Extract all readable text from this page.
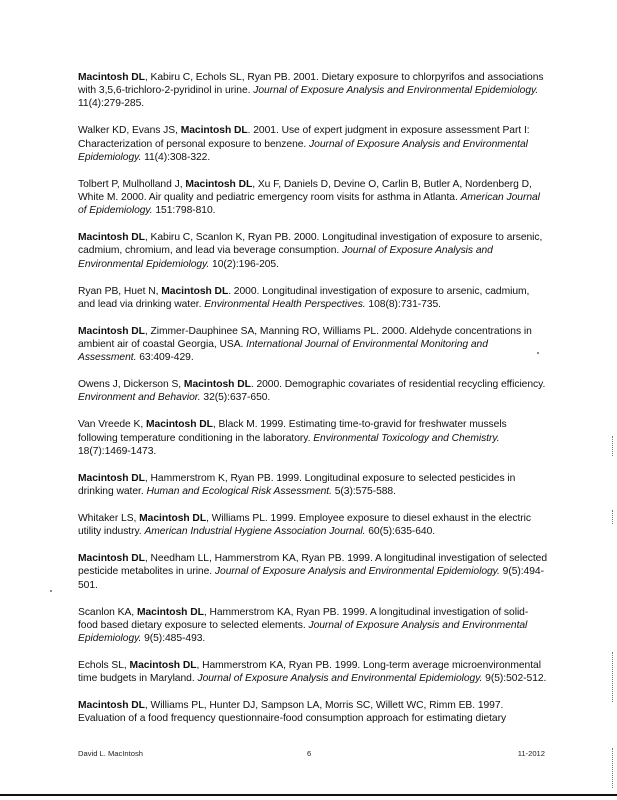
Macintosh DL, Kabiru C, Echols SL, Ryan PB. 2001. Dietary exposure to chlorpyrifos and associations with 3,5,6-trichloro-2-pyridinol in urine. Journal of Exposure Analysis and Environmental Epidemiology. 11(4):279-285.

Walker KD, Evans JS, Macintosh DL. 2001. Use of expert judgment in exposure assessment Part I: Characterization of personal exposure to benzene. Journal of Exposure Analysis and Environmental Epidemiology. 11(4):308-322.

Tolbert P, Mulholland J, Macintosh DL, Xu F, Daniels D, Devine O, Carlin B, Butler A, Nordenberg D, White M. 2000. Air quality and pediatric emergency room visits for asthma in Atlanta. American Journal of Epidemiology. 151:798-810.

Macintosh DL, Kabiru C, Scanlon K, Ryan PB. 2000. Longitudinal investigation of exposure to arsenic, cadmium, chromium, and lead via beverage consumption. Journal of Exposure Analysis and Environmental Epidemiology. 10(2):196-205.

Ryan PB, Huet N, Macintosh DL. 2000. Longitudinal investigation of exposure to arsenic, cadmium, and lead via drinking water. Environmental Health Perspectives. 108(8):731-735.

Macintosh DL, Zimmer-Dauphinee SA, Manning RO, Williams PL. 2000. Aldehyde concentrations in ambient air of coastal Georgia, USA. International Journal of Environmental Monitoring and Assessment. 63:409-429.

Owens J, Dickerson S, Macintosh DL. 2000. Demographic covariates of residential recycling efficiency. Environment and Behavior. 32(5):637-650.

Van Vreede K, Macintosh DL, Black M. 1999. Estimating time-to-gravid for freshwater mussels following temperature conditioning in the laboratory. Environmental Toxicology and Chemistry. 18(7):1469-1473.

Macintosh DL, Hammerstrom K, Ryan PB. 1999. Longitudinal exposure to selected pesticides in drinking water. Human and Ecological Risk Assessment. 5(3):575-588.

Whitaker LS, Macintosh DL, Williams PL. 1999. Employee exposure to diesel exhaust in the electric utility industry. American Industrial Hygiene Association Journal. 60(5):635-640.

Macintosh DL, Needham LL, Hammerstrom KA, Ryan PB. 1999. A longitudinal investigation of selected pesticide metabolites in urine. Journal of Exposure Analysis and Environmental Epidemiology. 9(5):494-501.

Scanlon KA, Macintosh DL, Hammerstrom KA, Ryan PB. 1999. A longitudinal investigation of solid-food based dietary exposure to selected elements. Journal of Exposure Analysis and Environmental Epidemiology. 9(5):485-493.

Echols SL, Macintosh DL, Hammerstrom KA, Ryan PB. 1999. Long-term average microenvironmental time budgets in Maryland. Journal of Exposure Analysis and Environmental Epidemiology. 9(5):502-512.

Macintosh DL, Williams PL, Hunter DJ, Sampson LA, Morris SC, Willett WC, Rimm EB. 1997. Evaluation of a food frequency questionnaire-food consumption approach for estimating dietary

David L. MacIntosh	6	11-2012
